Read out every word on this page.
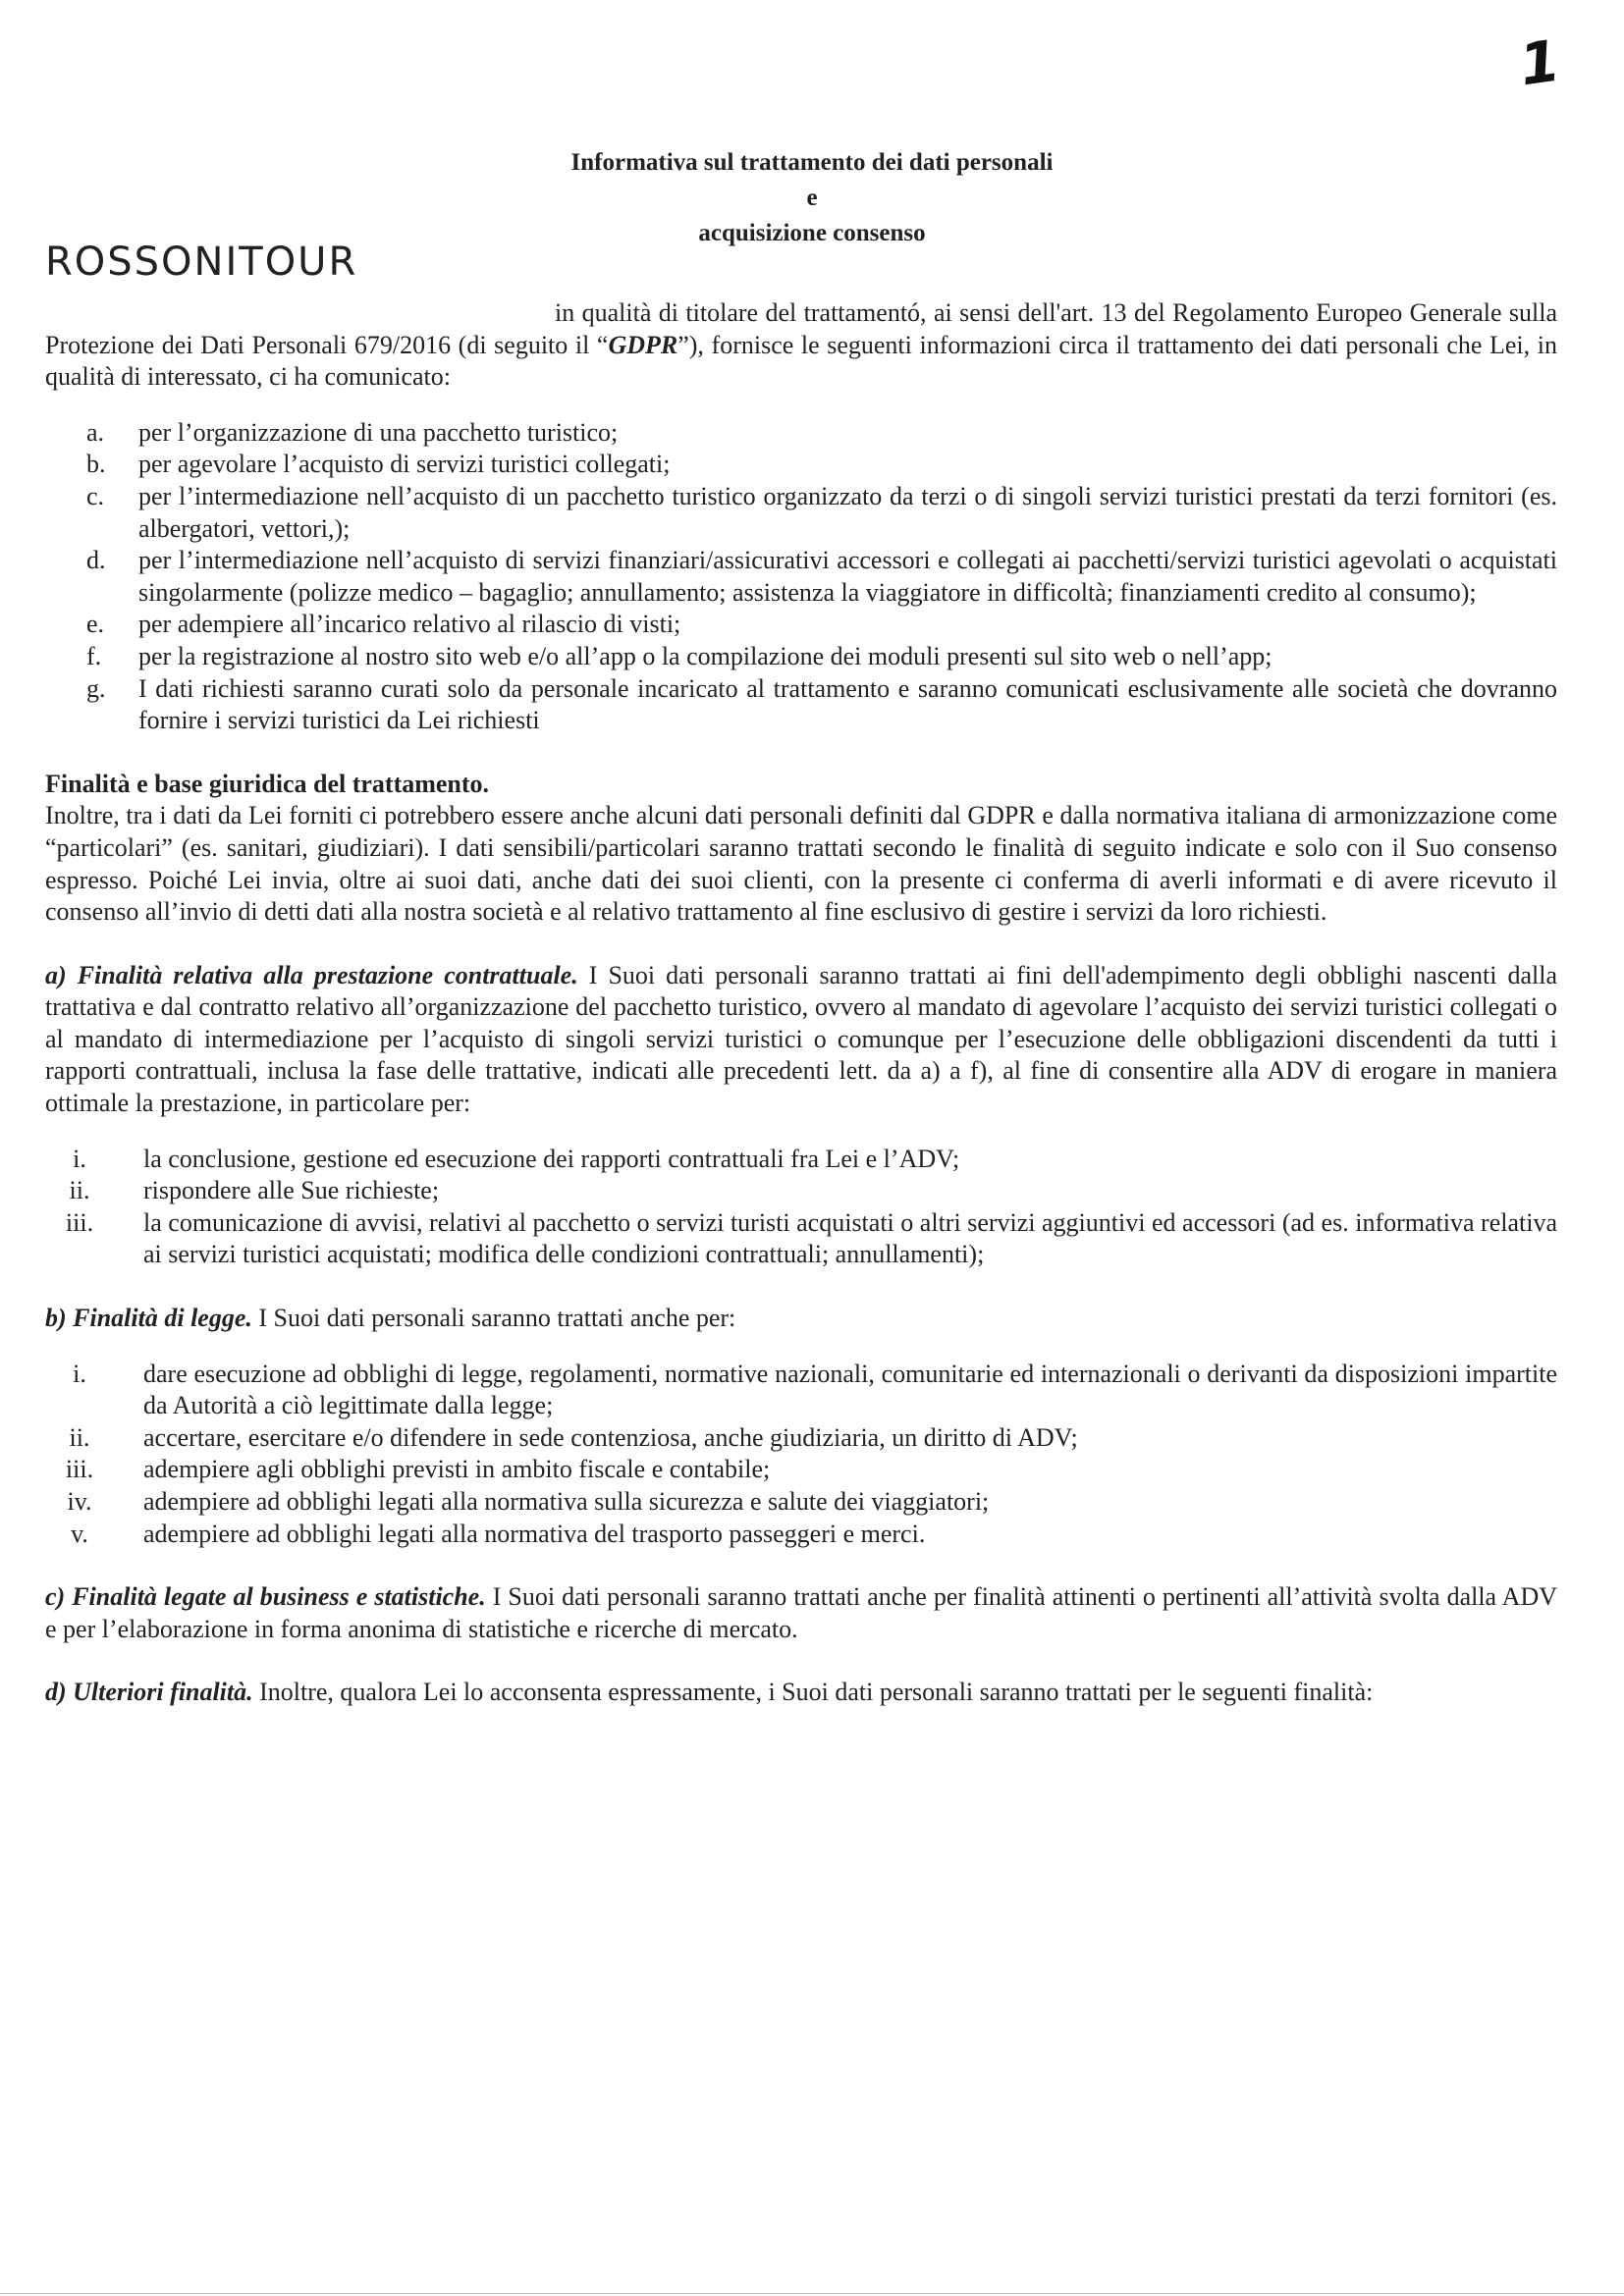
1
Informativa sul trattamento dei dati personali
e
acquisizione consenso
ROSSONITOUR

in qualità di titolare del trattamentó, ai sensi dell'art. 13 del Regolamento Europeo Generale sulla Protezione dei Dati Personali 679/2016 (di seguito il “GDPR”), fornisce le seguenti informazioni circa il trattamento dei dati personali che Lei, in qualità di interessato, ci ha comunicato:

a.	per l’organizzazione di una pacchetto turistico;
b.	per agevolare l’acquisto di servizi turistici collegati;
c.	per l’intermediazione nell’acquisto di un pacchetto turistico organizzato da terzi o di singoli servizi turistici prestati da terzi fornitori (es. albergatori, vettori,);
d.	per l’intermediazione nell’acquisto di servizi finanziari/assicurativi accessori e collegati ai pacchetti/servizi turistici agevolati o acquistati singolarmente (polizze medico – bagaglio; annullamento; assistenza la viaggiatore in difficoltà; finanziamenti credito al consumo);
e.	per adempiere all’incarico relativo al rilascio di visti;
f.	per la registrazione al nostro sito web e/o all’app o la compilazione dei moduli presenti sul sito web o nell’app;
g.	I dati richiesti saranno curati solo da personale incaricato al trattamento e saranno comunicati esclusivamente alle società che dovranno fornire i servizi turistici da Lei richiesti

Finalità e base giuridica del trattamento.

Inoltre, tra i dati da Lei forniti ci potrebbero essere anche alcuni dati personali definiti dal GDPR e dalla normativa italiana di armonizzazione come “particolari” (es. sanitari, giudiziari). I dati sensibili/particolari saranno trattati secondo le finalità di seguito indicate e solo con il Suo consenso espresso. Poiché Lei invia, oltre ai suoi dati, anche dati dei suoi clienti, con la presente ci conferma di averli informati e di avere ricevuto il consenso all’invio di detti dati alla nostra società e al relativo trattamento al fine esclusivo di gestire i servizi da loro richiesti.

a) Finalità relativa alla prestazione contrattuale. I Suoi dati personali saranno trattati ai fini dell'adempimento degli obblighi nascenti dalla trattativa e dal contratto relativo all’organizzazione del pacchetto turistico, ovvero al mandato di agevolare l’acquisto dei servizi turistici collegati o al mandato di intermediazione per l’acquisto di singoli servizi turistici o comunque per l’esecuzione delle obbligazioni discendenti da tutti i rapporti contrattuali, inclusa la fase delle trattative, indicati alle precedenti lett. da a) a f), al fine di consentire alla ADV di erogare in maniera ottimale la prestazione, in particolare per:

i.	la conclusione, gestione ed esecuzione dei rapporti contrattuali fra Lei e l’ADV;
ii.	rispondere alle Sue richieste;
iii.	la comunicazione di avvisi, relativi al pacchetto o servizi turisti acquistati o altri servizi aggiuntivi ed accessori (ad es. informativa relativa ai servizi turistici acquistati; modifica delle condizioni contrattuali; annullamenti);

b) Finalità di legge. I Suoi dati personali saranno trattati anche per:

i.	dare esecuzione ad obblighi di legge, regolamenti, normative nazionali, comunitarie ed internazionali o derivanti da disposizioni impartite da Autorità a ciò legittimate dalla legge;
ii.	accertare, esercitare e/o difendere in sede contenziosa, anche giudiziaria, un diritto di ADV;
iii.	adempiere agli obblighi previsti in ambito fiscale e contabile;
iv.	adempiere ad obblighi legati alla normativa sulla sicurezza e salute dei viaggiatori;
v.	adempiere ad obblighi legati alla normativa del trasporto passeggeri e merci.

c) Finalità legate al business e statistiche. I Suoi dati personali saranno trattati anche per finalità attinenti o pertinenti all’attività svolta dalla ADV e per l’elaborazione in forma anonima di statistiche e ricerche di mercato.

d) Ulteriori finalità. Inoltre, qualora Lei lo acconsenta espressamente, i Suoi dati personali saranno trattati per le seguenti finalità:
